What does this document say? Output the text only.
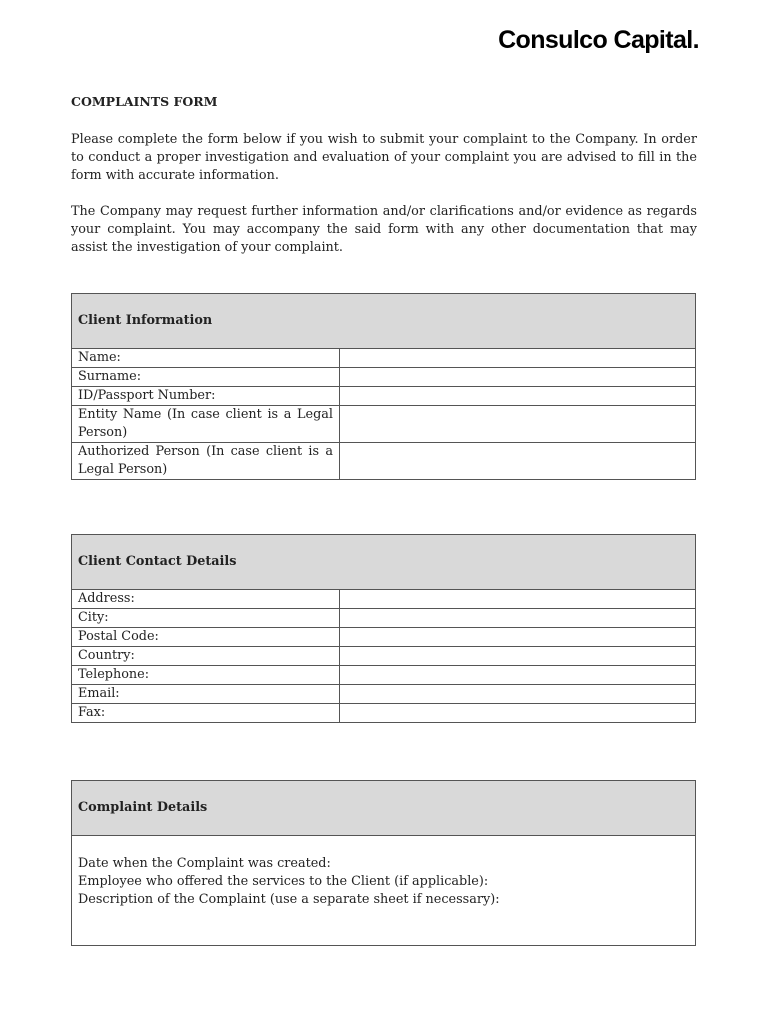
Consulco Capital.
COMPLAINTS FORM

Please complete the form below if you wish to submit your complaint to the Company. In order to conduct a proper investigation and evaluation of your complaint you are advised to fill in the form with accurate information.

The Company may request further information and/or clarifications and/or evidence as regards your complaint. You may accompany the said form with any other documentation that may assist the investigation of your complaint.

Client Information	
Name:	
Surname:	
ID/Passport Number:	
Entity Name (In case client is a Legal Person)	
Authorized Person (In case client is a Legal Person)	
Client Contact Details	
Address:	
City:	
Postal Code:	
Country:	
Telephone:	
Email:	
Fax:	
Complaint Details

Date when the Complaint was created:
Employee who offered the services to the Client (if applicable):
Description of the Complaint (use a separate sheet if necessary):
